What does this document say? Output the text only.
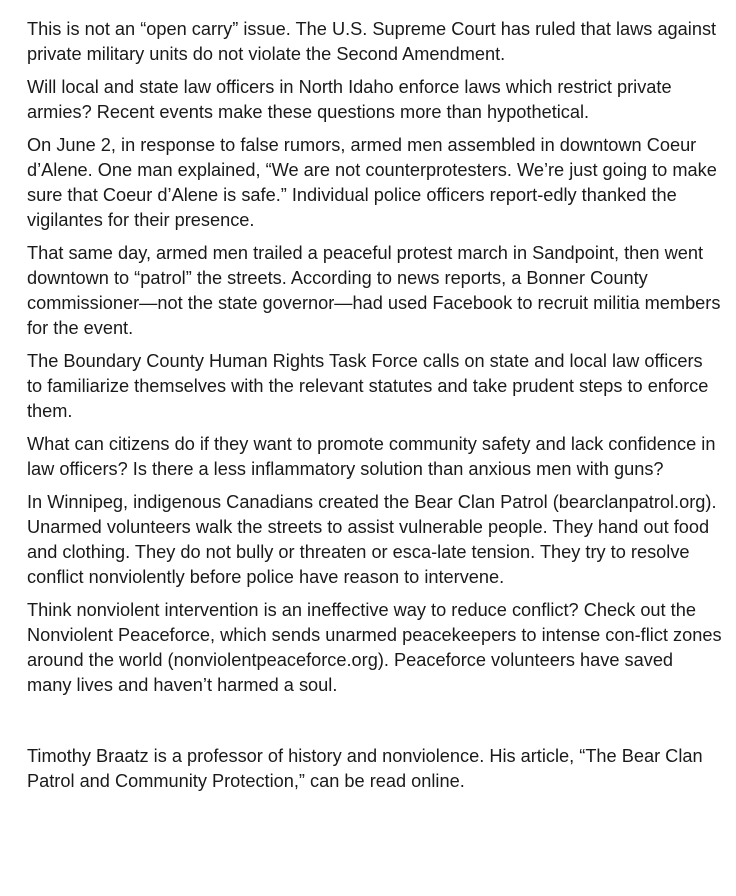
This is not an “open carry” issue. The U.S. Supreme Court has ruled that laws against private military units do not violate the Second Amendment.

Will local and state law officers in North Idaho enforce laws which restrict private armies? Recent events make these questions more than hypothetical.

On June 2, in response to false rumors, armed men assembled in downtown Coeur d’Alene. One man explained, “We are not counterprotesters. We’re just going to make sure that Coeur d’Alene is safe.” Individual police officers report-edly thanked the vigilantes for their presence.

That same day, armed men trailed a peaceful protest march in Sandpoint, then went downtown to “patrol” the streets. According to news reports, a Bonner County commissioner—not the state governor—had used Facebook to recruit militia members for the event.

The Boundary County Human Rights Task Force calls on state and local law officers to familiarize themselves with the relevant statutes and take prudent steps to enforce them.

What can citizens do if they want to promote community safety and lack confidence in law officers? Is there a less inflammatory solution than anxious men with guns?

In Winnipeg, indigenous Canadians created the Bear Clan Patrol (bearclanpatrol.org). Unarmed volunteers walk the streets to assist vulnerable people. They hand out food and clothing. They do not bully or threaten or esca-late tension. They try to resolve conflict nonviolently before police have reason to intervene.

Think nonviolent intervention is an ineffective way to reduce conflict? Check out the Nonviolent Peaceforce, which sends unarmed peacekeepers to intense con-flict zones around the world (nonviolentpeaceforce.org). Peaceforce volunteers have saved many lives and haven’t harmed a soul.

Timothy Braatz is a professor of history and nonviolence. His article, “The Bear Clan Patrol and Community Protection,” can be read online.
